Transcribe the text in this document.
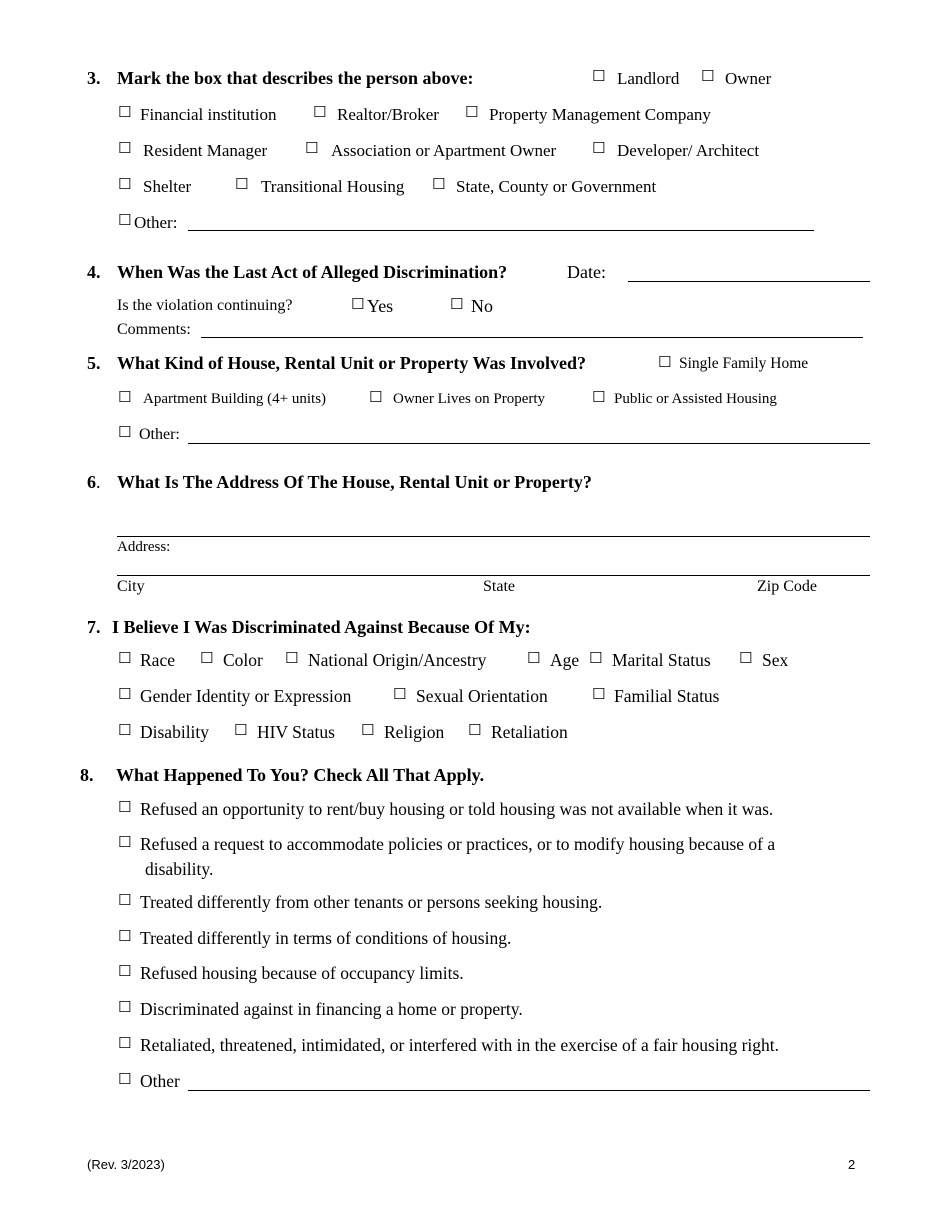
3. Mark the box that describes the person above:	☐ Landlord ☐ Owner
☐ Financial institution ☐ Realtor/Broker ☐ Property Management Company
☐ Resident Manager	☐ Association or Apartment Owner ☐ Developer/ Architect
☐ Shelter	☐ Transitional Housing ☐ State, County or Government
☐ Other:
4. When Was the Last Act of Alleged Discrimination?	Date:
Is the violation continuing?	☐ Yes	☐ No
Comments:
5. What Kind of House, Rental Unit or Property Was Involved?	☐ Single Family Home
☐ Apartment Building (4+ units)	☐ Owner Lives on Property	☐ Public or Assisted Housing
☐ Other:
6. What Is The Address Of The House, Rental Unit or Property?
Address:
City	State	Zip Code
7. I Believe I Was Discriminated Against Because Of My:
☐ Race ☐ Color ☐ National Origin/Ancestry	☐ Age ☐ Marital Status ☐ Sex
☐ Gender Identity or Expression	☐ Sexual Orientation	☐ Familial Status
☐ Disability ☐ HIV Status ☐ Religion ☐ Retaliation
8. What Happened To You? Check All That Apply.
☐ Refused an opportunity to rent/buy housing or told housing was not available when it was.
☐ Refused a request to accommodate policies or practices, or to modify housing because of a
disability.
☐ Treated differently from other tenants or persons seeking housing.
☐ Treated differently in terms of conditions of housing.
☐ Refused housing because of occupancy limits.
☐ Discriminated against in financing a home or property.
☐ Retaliated, threatened, intimidated, or interfered with in the exercise of a fair housing right.
☐ Other
(Rev. 3/2023)	2
